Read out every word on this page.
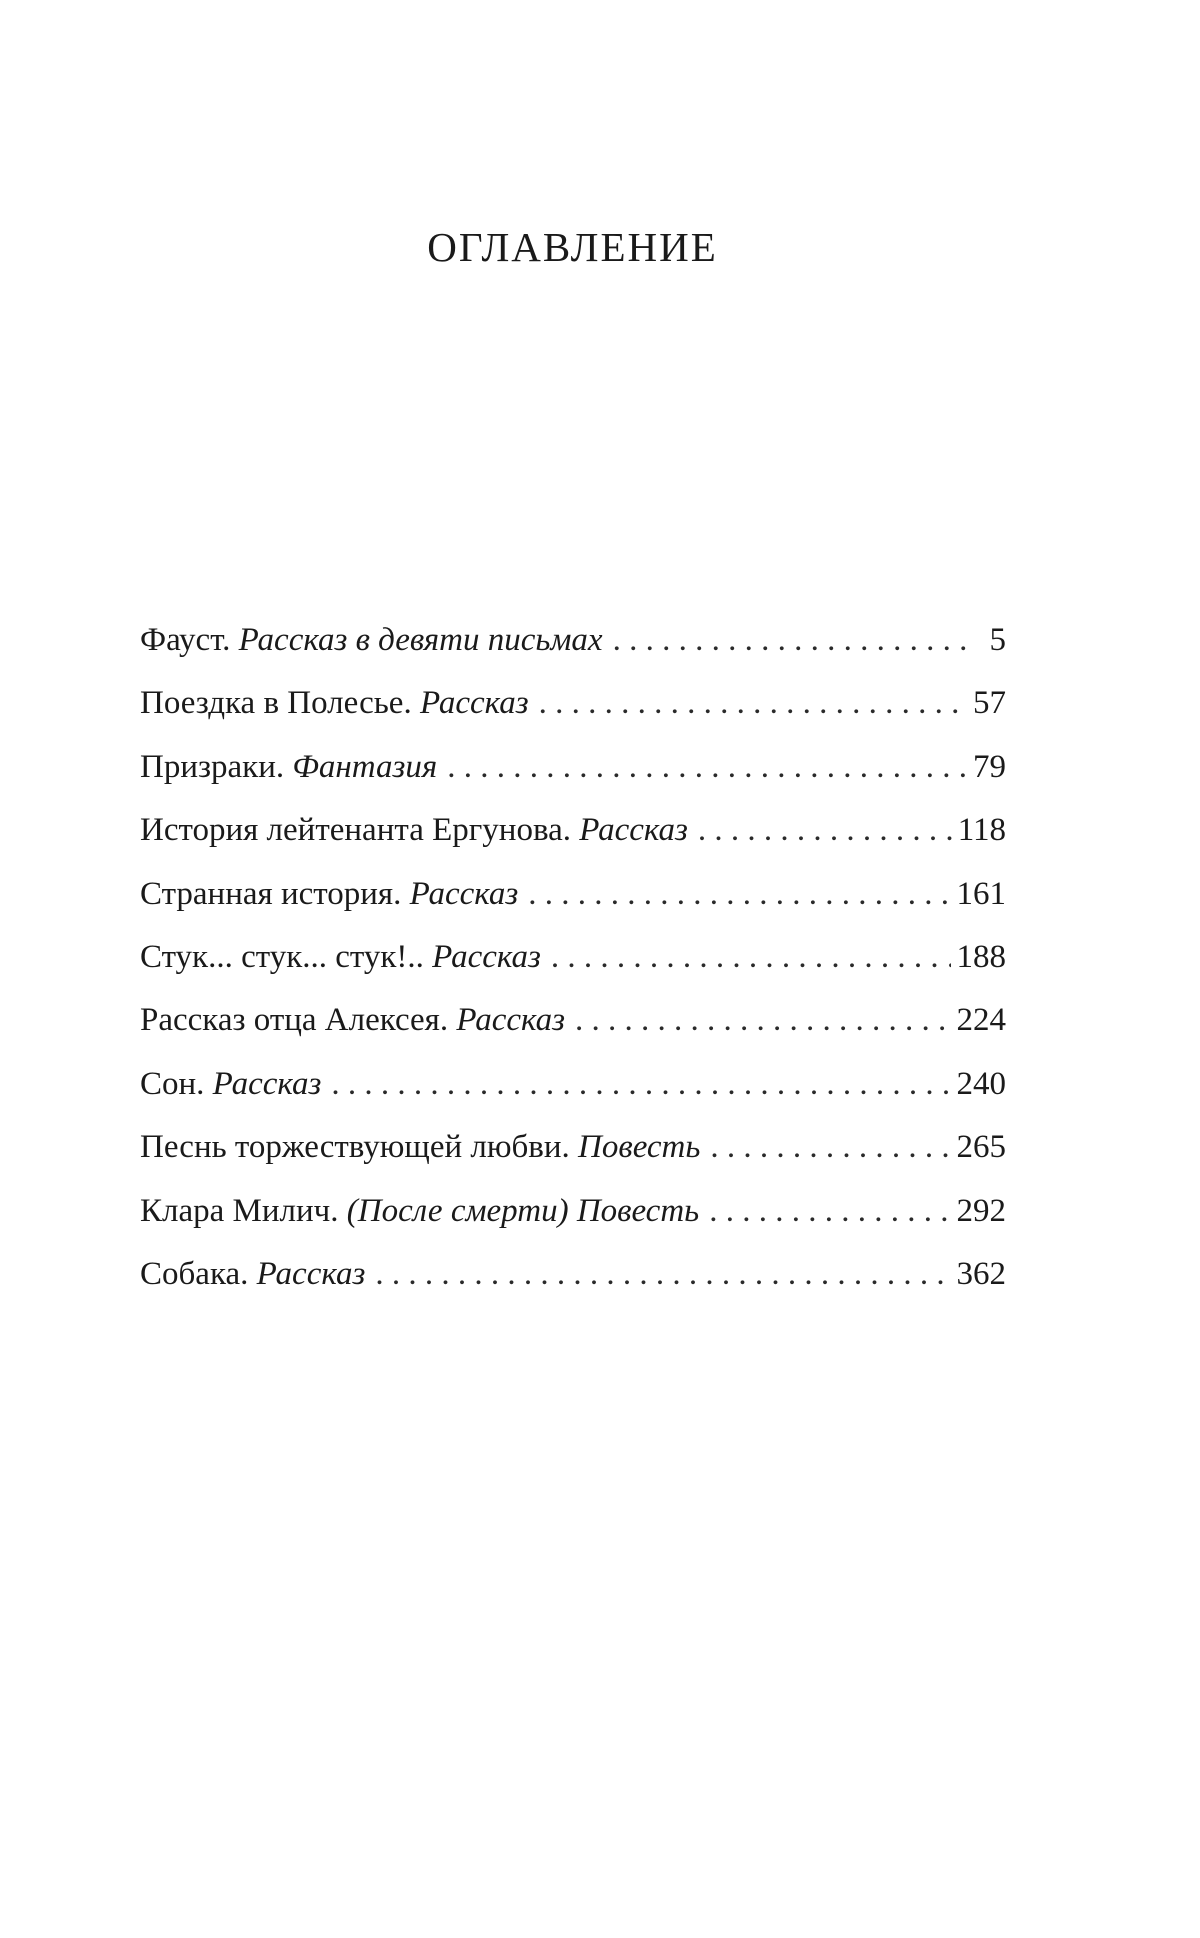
ОГЛАВЛЕНИЕ
Фауст. Рассказ в девяти письмах . . .	5
Поездка в Полесье. Рассказ . . .	57
Призраки. Фантазия . . .	79
История лейтенанта Ергунова. Рассказ . . .	118
Странная история. Рассказ . . .	161
Стук... стук... стук!.. Рассказ . . .	188
Рассказ отца Алексея. Рассказ . . .	224
Сон. Рассказ . . .	240
Песнь торжествующей любви. Повесть . . .	265
Клара Милич. (После смерти) Повесть . . .	292
Собака. Рассказ . . .	362
